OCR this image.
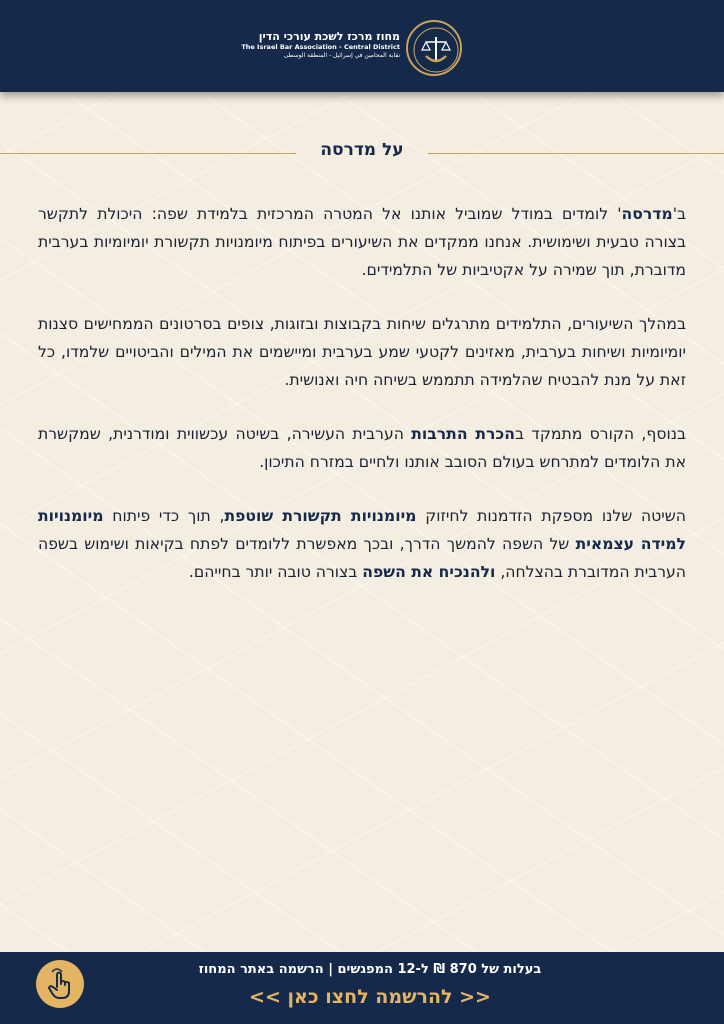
מחוז מרכז לשכת עורכי הדין
The Israel Bar Association - Central District
نقابة المحامين في إسرائيل - المنطقة الوسطى
על מדרסה

ב'מדרסה' לומדים במודל שמוביל אותנו אל המטרה המרכזית בלמידת שפה: היכולת לתקשר בצורה טבעית ושימושית. אנחנו ממקדים את השיעורים בפיתוח מיומנויות תקשורת יומיומיות בערבית מדוברת, תוך שמירה על אקטיביות של התלמידים.

במהלך השיעורים, התלמידים מתרגלים שיחות בקבוצות ובזוגות, צופים בסרטונים הממחישים סצנות יומיומיות ושיחות בערבית, מאזינים לקטעי שמע בערבית ומיישמים את המילים והביטויים שלמדו, כל זאת על מנת להבטיח שהלמידה תתממש בשיחה חיה ואנושית.

בנוסף, הקורס מתמקד בהכרת התרבות הערבית העשירה, בשיטה עכשווית ומודרנית, שמקשרת את הלומדים למתרחש בעולם הסובב אותנו ולחיים במזרח התיכון.

השיטה שלנו מספקת הזדמנות לחיזוק מיומנויות תקשורת שוטפת, תוך כדי פיתוח מיומנויות למידה עצמאית של השפה להמשך הדרך, ובכך מאפשרת ללומדים לפתח בקיאות ושימוש בשפה הערבית המדוברת בהצלחה, ולהנכיח את השפה בצורה טובה יותר בחייהם.

בעלות של 870 ₪ ל-12 המפגשים | הרשמה באתר המחוז
<< להרשמה לחצו כאן >>
